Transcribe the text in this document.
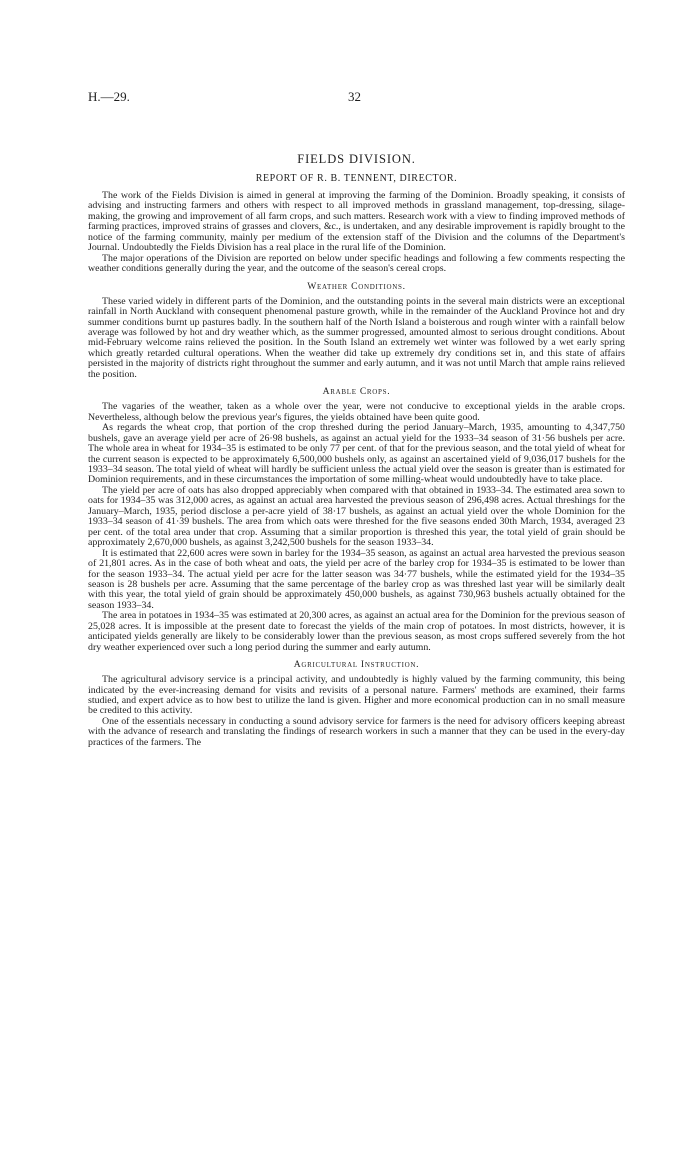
H.—29.	32
FIELDS DIVISION.
REPORT OF R. B. TENNENT, DIRECTOR.

The work of the Fields Division is aimed in general at improving the farming of the Dominion. Broadly speaking, it consists of advising and instructing farmers and others with respect to all improved methods in grassland management, top-dressing, silage-making, the growing and improvement of all farm crops, and such matters. Research work with a view to finding improved methods of farming practices, improved strains of grasses and clovers, &c., is undertaken, and any desirable improvement is rapidly brought to the notice of the farming community, mainly per medium of the extension staff of the Division and the columns of the Department's Journal. Undoubtedly the Fields Division has a real place in the rural life of the Dominion.

The major operations of the Division are reported on below under specific headings and following a few comments respecting the weather conditions generally during the year, and the outcome of the season's cereal crops.

Weather Conditions.

These varied widely in different parts of the Dominion, and the outstanding points in the several main districts were an exceptional rainfall in North Auckland with consequent phenomenal pasture growth, while in the remainder of the Auckland Province hot and dry summer conditions burnt up pastures badly. In the southern half of the North Island a boisterous and rough winter with a rainfall below average was followed by hot and dry weather which, as the summer progressed, amounted almost to serious drought conditions. About mid-February welcome rains relieved the position. In the South Island an extremely wet winter was followed by a wet early spring which greatly retarded cultural operations. When the weather did take up extremely dry conditions set in, and this state of affairs persisted in the majority of districts right throughout the summer and early autumn, and it was not until March that ample rains relieved the position.

Arable Crops.

The vagaries of the weather, taken as a whole over the year, were not conducive to exceptional yields in the arable crops. Nevertheless, although below the previous year's figures, the yields obtained have been quite good.

As regards the wheat crop, that portion of the crop threshed during the period January–March, 1935, amounting to 4,347,750 bushels, gave an average yield per acre of 26·98 bushels, as against an actual yield for the 1933–34 season of 31·56 bushels per acre. The whole area in wheat for 1934–35 is estimated to be only 77 per cent. of that for the previous season, and the total yield of wheat for the current season is expected to be approximately 6,500,000 bushels only, as against an ascertained yield of 9,036,017 bushels for the 1933–34 season. The total yield of wheat will hardly be sufficient unless the actual yield over the season is greater than is estimated for Dominion requirements, and in these circumstances the importation of some milling-wheat would undoubtedly have to take place.

The yield per acre of oats has also dropped appreciably when compared with that obtained in 1933–34. The estimated area sown to oats for 1934–35 was 312,000 acres, as against an actual area harvested the previous season of 296,498 acres. Actual threshings for the January–March, 1935, period disclose a per-acre yield of 38·17 bushels, as against an actual yield over the whole Dominion for the 1933–34 season of 41·39 bushels. The area from which oats were threshed for the five seasons ended 30th March, 1934, averaged 23 per cent. of the total area under that crop. Assuming that a similar proportion is threshed this year, the total yield of grain should be approximately 2,670,000 bushels, as against 3,242,500 bushels for the season 1933–34.

It is estimated that 22,600 acres were sown in barley for the 1934–35 season, as against an actual area harvested the previous season of 21,801 acres. As in the case of both wheat and oats, the yield per acre of the barley crop for 1934–35 is estimated to be lower than for the season 1933–34. The actual yield per acre for the latter season was 34·77 bushels, while the estimated yield for the 1934–35 season is 28 bushels per acre. Assuming that the same percentage of the barley crop as was threshed last year will be similarly dealt with this year, the total yield of grain should be approximately 450,000 bushels, as against 730,963 bushels actually obtained for the season 1933–34.

The area in potatoes in 1934–35 was estimated at 20,300 acres, as against an actual area for the Dominion for the previous season of 25,028 acres. It is impossible at the present date to forecast the yields of the main crop of potatoes. In most districts, however, it is anticipated yields generally are likely to be considerably lower than the previous season, as most crops suffered severely from the hot dry weather experienced over such a long period during the summer and early autumn.

Agricultural Instruction.

The agricultural advisory service is a principal activity, and undoubtedly is highly valued by the farming community, this being indicated by the ever-increasing demand for visits and revisits of a personal nature. Farmers' methods are examined, their farms studied, and expert advice as to how best to utilize the land is given. Higher and more economical production can in no small measure be credited to this activity.

One of the essentials necessary in conducting a sound advisory service for farmers is the need for advisory officers keeping abreast with the advance of research and translating the findings of research workers in such a manner that they can be used in the every-day practices of the farmers. The
